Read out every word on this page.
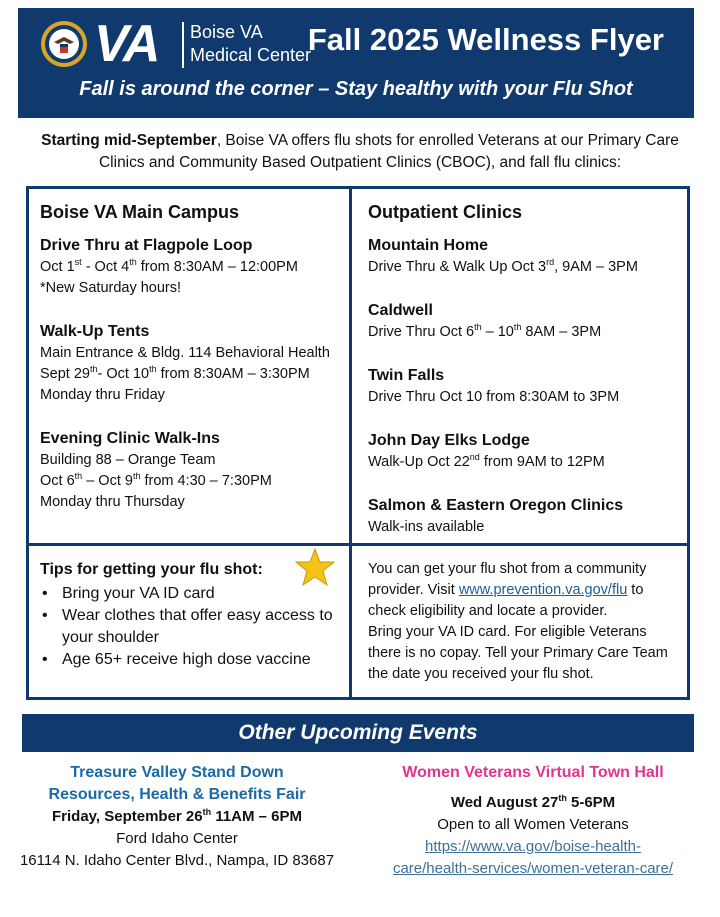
VA Boise VA
Medical Center
Fall 2025 Wellness Flyer
Fall is around the corner – Stay healthy with your Flu Shot
Starting mid-September, Boise VA offers flu shots for enrolled Veterans at our Primary Care Clinics and Community Based Outpatient Clinics (CBOC), and fall flu clinics:
Boise VA Main Campus
Drive Thru at Flagpole Loop
Oct 1st - Oct 4th from 8:30AM – 12:00PM
*New Saturday hours!
Walk-Up Tents
Main Entrance & Bldg. 114 Behavioral Health
Sept 29th- Oct 10th from 8:30AM – 3:30PM
Monday thru Friday
Evening Clinic Walk-Ins
Building 88 – Orange Team
Oct 6th – Oct 9th from 4:30 – 7:30PM
Monday thru Thursday
Outpatient Clinics
Mountain Home
Drive Thru & Walk Up Oct 3rd, 9AM – 3PM
Caldwell
Drive Thru Oct 6th – 10th 8AM – 3PM
Twin Falls
Drive Thru Oct 10 from 8:30AM to 3PM
John Day Elks Lodge
Walk-Up Oct 22nd from 9AM to 12PM
Salmon & Eastern Oregon Clinics
Walk-ins available
Tips for getting your flu shot:
• Bring your VA ID card
• Wear clothes that offer easy access to your shoulder
• Age 65+ receive high dose vaccine
You can get your flu shot from a community provider. Visit www.prevention.va.gov/flu to check eligibility and locate a provider.
Bring your VA ID card. For eligible Veterans there is no copay. Tell your Primary Care Team the date you received your flu shot.
Other Upcoming Events
Treasure Valley Stand Down
Resources, Health & Benefits Fair
Friday, September 26th 11AM – 6PM
Ford Idaho Center
16114 N. Idaho Center Blvd., Nampa, ID 83687
Women Veterans Virtual Town Hall
Wed August 27th 5-6PM
Open to all Women Veterans
https://www.va.gov/boise-health-
care/health-services/women-veteran-care/
